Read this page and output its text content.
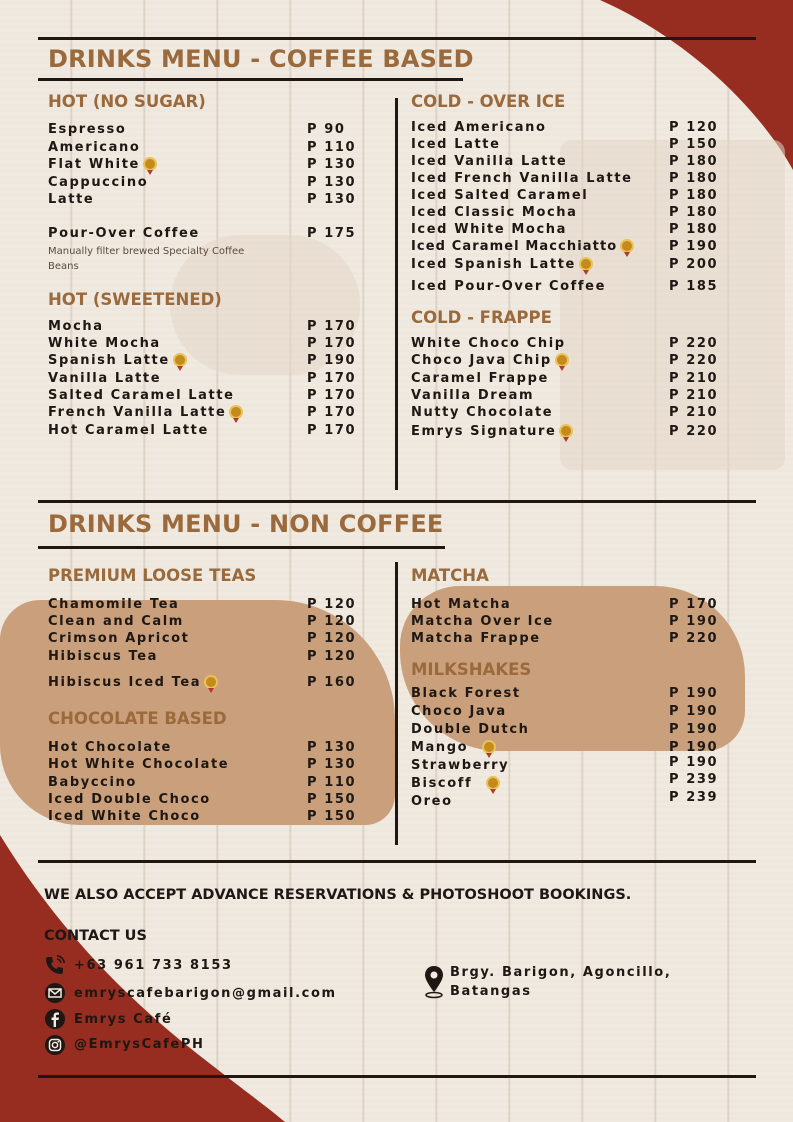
DRINKS MENU - COFFEE BASED
HOT (NO SUGAR)
Espresso	P 90
Americano	P 110
Flat White	P 130
Cappuccino	P 130
Latte	P 130
Pour-Over Coffee	P 175
Manually filter brewed Specialty Coffee Beans
HOT (SWEETENED)
Mocha	P 170
White Mocha	P 170
Spanish Latte	P 190
Vanilla Latte	P 170
Salted Caramel Latte	P 170
French Vanilla Latte	P 170
Hot Caramel Latte	P 170
COLD - OVER ICE
Iced Americano	P 120
Iced Latte	P 150
Iced Vanilla Latte	P 180
Iced French Vanilla Latte	P 180
Iced Salted Caramel	P 180
Iced Classic Mocha	P 180
Iced White Mocha	P 180
Iced Caramel Macchiatto	P 190
Iced Spanish Latte	P 200
Iced Pour-Over Coffee	P 185
COLD - FRAPPE
White Choco Chip	P 220
Choco Java Chip	P 220
Caramel Frappe	P 210
Vanilla Dream	P 210
Nutty Chocolate	P 210
Emrys Signature	P 220
DRINKS MENU - NON COFFEE
PREMIUM LOOSE TEAS
Chamomile Tea	P 120
Clean and Calm	P 120
Crimson Apricot	P 120
Hibiscus Tea	P 120
Hibiscus Iced Tea	P 160
CHOCOLATE BASED
Hot Chocolate	P 130
Hot White Chocolate	P 130
Babyccino	P 110
Iced Double Choco	P 150
Iced White Choco	P 150
MATCHA
Hot Matcha	P 170
Matcha Over Ice	P 190
Matcha Frappe	P 220
MILKSHAKES
Black Forest	P 190
Choco Java	P 190
Double Dutch	P 190
Mango	P 190
Strawberry	P 190
Biscoff	P 239
Oreo	P 239
WE ALSO ACCEPT ADVANCE RESERVATIONS & PHOTOSHOOT BOOKINGS.
CONTACT US
+63 961 733 8153
emryscafebarigon@gmail.com
Emrys Café
@EmrysCafePH
Brgy. Barigon, Agoncillo,
Batangas
